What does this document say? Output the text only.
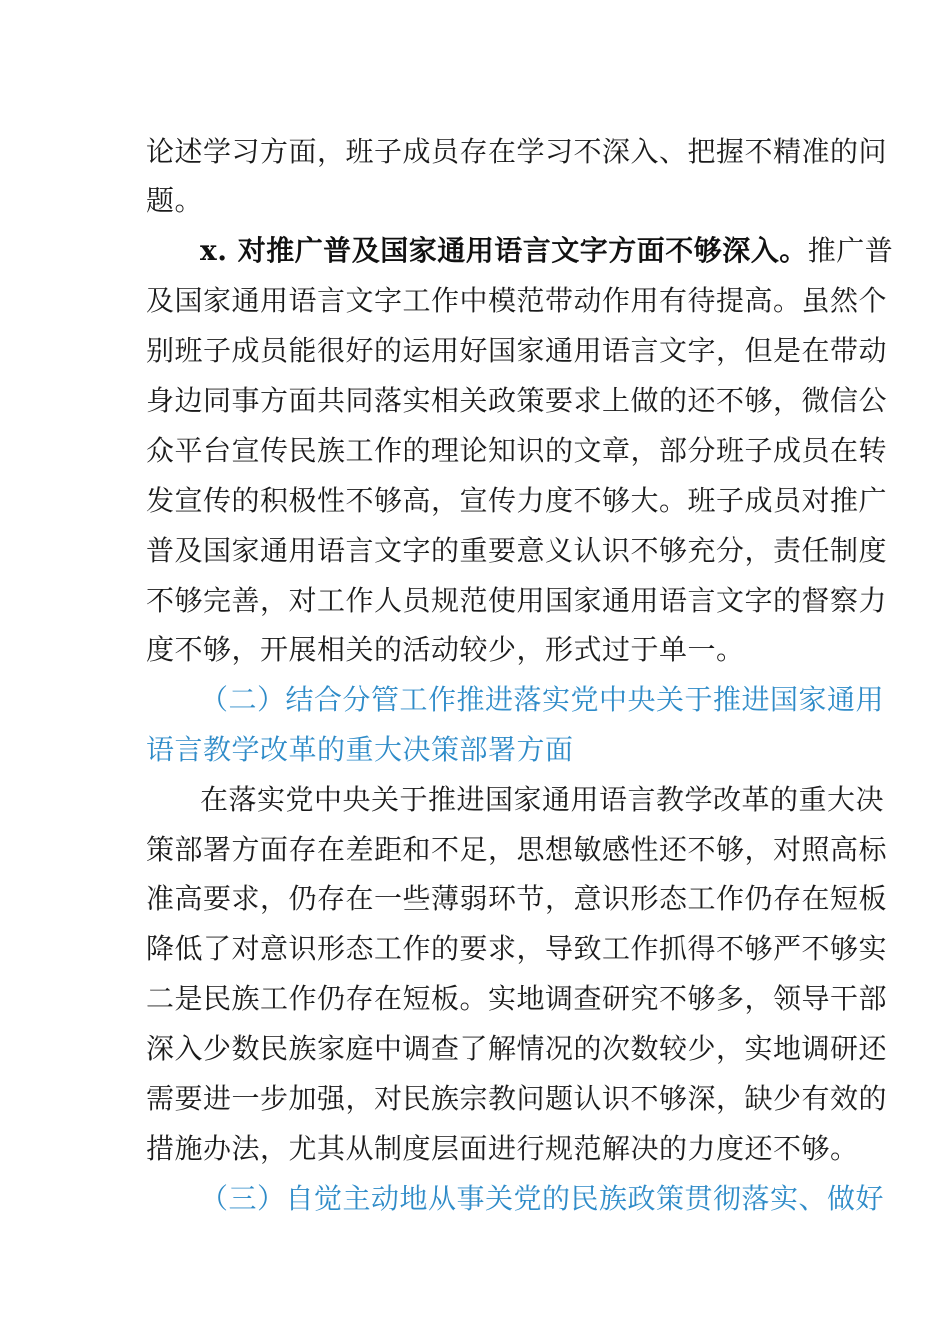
论述学习方面，班子成员存在学习不深入、把握不精准的问
题。
x. 对推广普及国家通用语言文字方面不够深入。推广普
及国家通用语言文字工作中模范带动作用有待提高。虽然个
别班子成员能很好的运用好国家通用语言文字，但是在带动
身边同事方面共同落实相关政策要求上做的还不够，微信公
众平台宣传民族工作的理论知识的文章，部分班子成员在转
发宣传的积极性不够高，宣传力度不够大。班子成员对推广
普及国家通用语言文字的重要意义认识不够充分，责任制度
不够完善，对工作人员规范使用国家通用语言文字的督察力
度不够，开展相关的活动较少，形式过于单一。
（二）结合分管工作推进落实党中央关于推进国家通用
语言教学改革的重大决策部署方面
在落实党中央关于推进国家通用语言教学改革的重大决
策部署方面存在差距和不足，思想敏感性还不够，对照高标
准高要求，仍存在一些薄弱环节，意识形态工作仍存在短板
降低了对意识形态工作的要求，导致工作抓得不够严不够实
二是民族工作仍存在短板。实地调查研究不够多，领导干部
深入少数民族家庭中调查了解情况的次数较少，实地调研还
需要进一步加强，对民族宗教问题认识不够深，缺少有效的
措施办法，尤其从制度层面进行规范解决的力度还不够。
（三）自觉主动地从事关党的民族政策贯彻落实、做好
